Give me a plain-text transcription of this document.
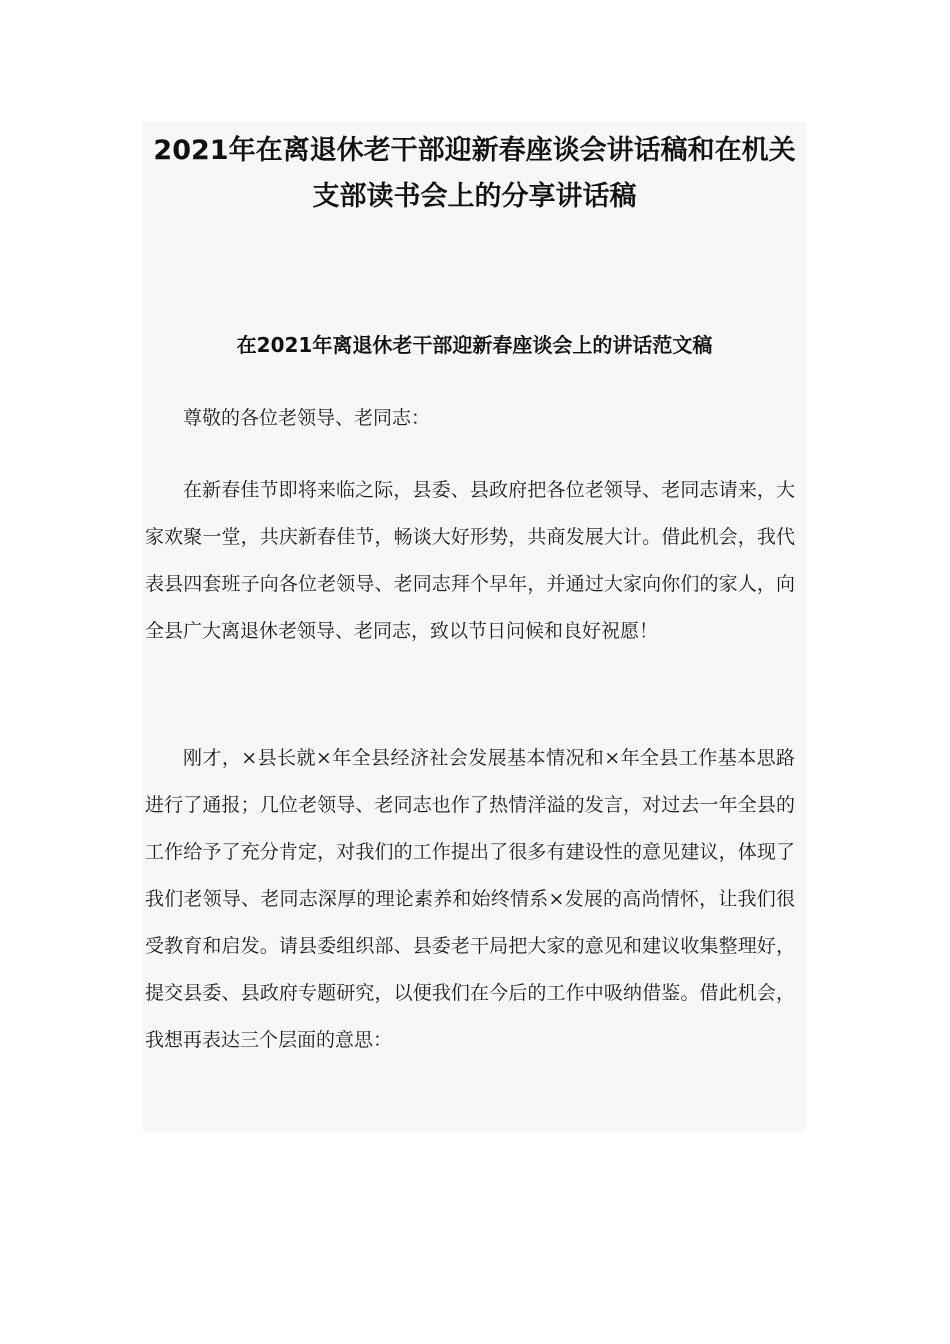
2021年在离退休老干部迎新春座谈会讲话稿和在机关支部读书会上的分享讲话稿
在2021年离退休老干部迎新春座谈会上的讲话范文稿

尊敬的各位老领导、老同志：

在新春佳节即将来临之际，县委、县政府把各位老领导、老同志请来，大家欢聚一堂，共庆新春佳节，畅谈大好形势，共商发展大计。借此机会，我代表县四套班子向各位老领导、老同志拜个早年，并通过大家向你们的家人，向全县广大离退休老领导、老同志，致以节日问候和良好祝愿！

刚才，×县长就×年全县经济社会发展基本情况和×年全县工作基本思路进行了通报；几位老领导、老同志也作了热情洋溢的发言，对过去一年全县的工作给予了充分肯定，对我们的工作提出了很多有建设性的意见建议，体现了我们老领导、老同志深厚的理论素养和始终情系×发展的高尚情怀，让我们很受教育和启发。请县委组织部、县委老干局把大家的意见和建议收集整理好，提交县委、县政府专题研究，以便我们在今后的工作中吸纳借鉴。借此机会，我想再表达三个层面的意思：
